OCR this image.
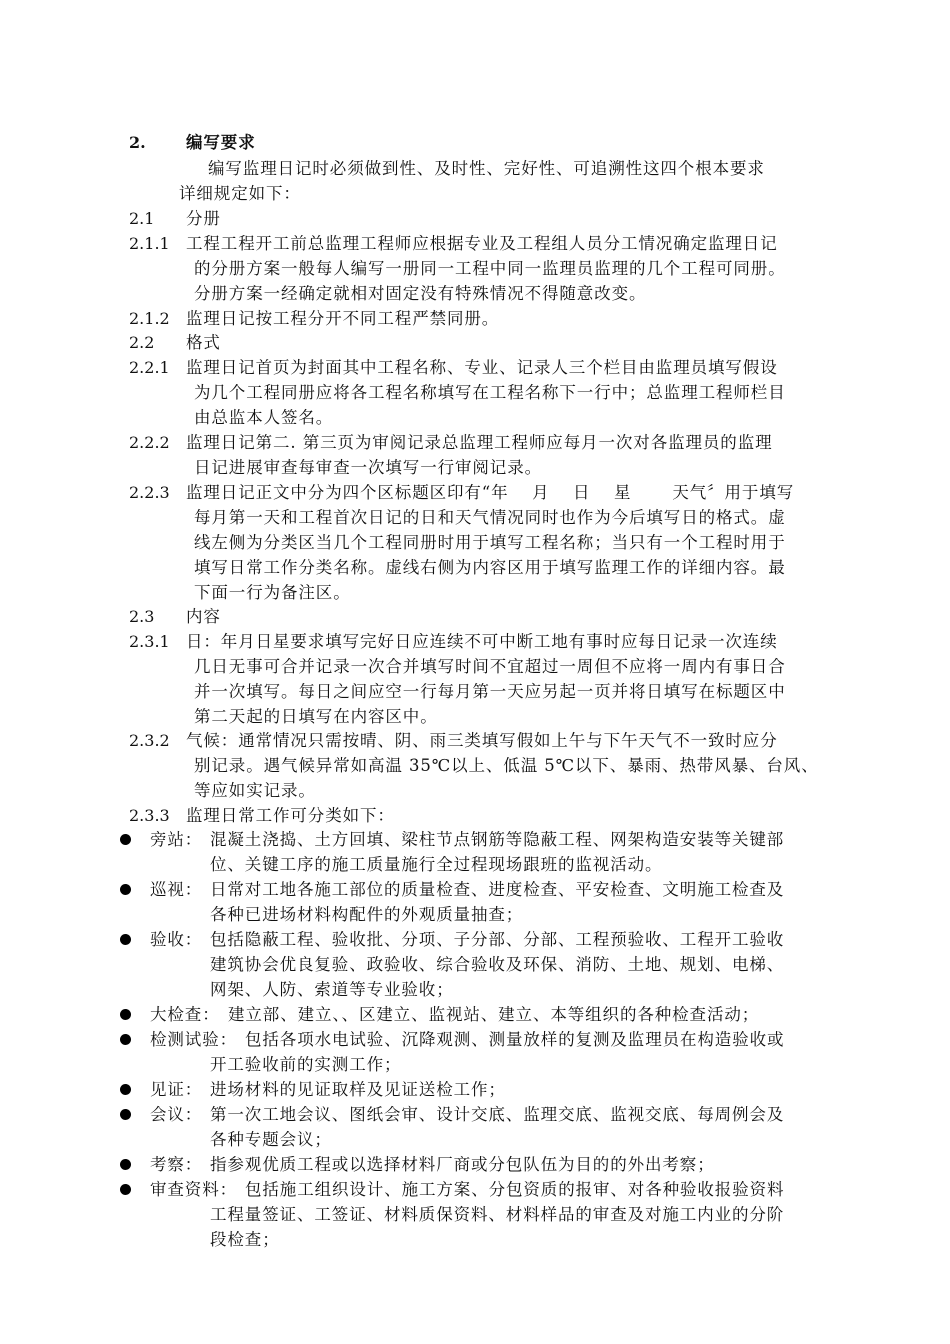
2. 编写要求
编写监理日记时必须做到性、及时性、完好性、可追溯性这四个根本要求
详细规定如下：
2.1 分册
2.1.1 工程工程开工前总监理工程师应根据专业及工程组人员分工情况确定监理日记
的分册方案一般每人编写一册同一工程中同一监理员监理的几个工程可同册。
分册方案一经确定就相对固定没有特殊情况不得随意改变。
2.1.2 监理日记按工程分开不同工程严禁同册。
2.2 格式
2.2.1 监理日记首页为封面其中工程名称、专业、记录人三个栏目由监理员填写假设
为几个工程同册应将各工程名称填写在工程名称下一行中；总监理工程师栏目
由总监本人签名。
2.2.2 监理日记第二. 第三页为审阅记录总监理工程师应每月一次对各监理员的监理
日记进展审查每审查一次填写一行审阅记录。
2.2.3 监理日记正文中分为四个区标题区印有“年　 月　 日　 星　　 天气〞用于填写
每月第一天和工程首次日记的日和天气情况同时也作为今后填写日的格式。虚
线左侧为分类区当几个工程同册时用于填写工程名称；当只有一个工程时用于
填写日常工作分类名称。虚线右侧为内容区用于填写监理工作的详细内容。最
下面一行为备注区。
2.3 内容
2.3.1 日：年月日星要求填写完好日应连续不可中断工地有事时应每日记录一次连续
几日无事可合并记录一次合并填写时间不宜超过一周但不应将一周内有事日合
并一次填写。每日之间应空一行每月第一天应另起一页并将日填写在标题区中
第二天起的日填写在内容区中。
2.3.2 气候：通常情况只需按晴、阴、雨三类填写假如上午与下午天气不一致时应分
别记录。遇气候异常如高温 35℃以上、低温 5℃以下、暴雨、热带风暴、台风、
等应如实记录。
2.3.3 监理日常工作可分类如下：
旁站： 混凝土浇捣、土方回填、梁柱节点钢筋等隐蔽工程、网架构造安装等关键部
位、关键工序的施工质量施行全过程现场跟班的监视活动。
巡视： 日常对工地各施工部位的质量检查、进度检查、平安检查、文明施工检查及
各种已进场材料构配件的外观质量抽查；
验收： 包括隐蔽工程、验收批、分项、子分部、分部、工程预验收、工程开工验收
建筑协会优良复验、政验收、综合验收及环保、消防、土地、规划、电梯、
网架、人防、索道等专业验收；
大检查： 建立部、建立、、区建立、监视站、建立、本等组织的各种检查活动；
检测试验： 包括各项水电试验、沉降观测、测量放样的复测及监理员在构造验收或
开工验收前的实测工作；
见证： 进场材料的见证取样及见证送检工作；
会议： 第一次工地会议、图纸会审、设计交底、监理交底、监视交底、每周例会及
各种专题会议；
考察： 指参观优质工程或以选择材料厂商或分包队伍为目的的外出考察；
审查资料： 包括施工组织设计、施工方案、分包资质的报审、对各种验收报验资料
工程量签证、工签证、材料质保资料、材料样品的审查及对施工内业的分阶
段检查；
